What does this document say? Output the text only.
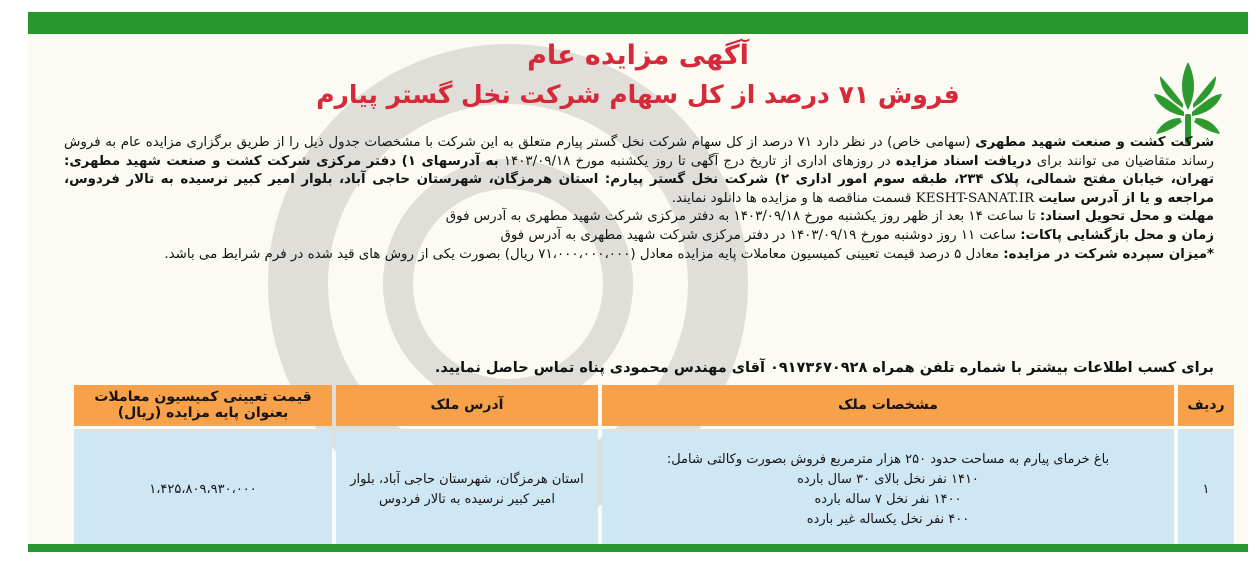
آگهی مزایده عام
فروش ۷۱ درصد از کل سهام شرکت نخل گستر پیارم

شرکت کشت و صنعت شهید مطهری (سهامی خاص) در نظر دارد ۷۱ درصد از کل سهام شرکت نخل گستر پیارم متعلق به این شرکت با مشخصات جدول ذیل را از طریق برگزاری مزایده عام به فروش رساند متقاضیان می توانند برای دریافت اسناد مزایده در روزهای اداری از تاریخ درج آگهی تا روز یکشنبه مورخ ۱۴۰۳/۰۹/۱۸ به آدرسهای ۱) دفتر مرکزی شرکت کشت و صنعت شهید مطهری: تهران، خیابان مفتح شمالی، پلاک ۲۳۴، طبقه سوم امور اداری ۲) شرکت نخل گستر پیارم: استان هرمزگان، شهرستان حاجی آباد، بلوار امیر کبیر نرسیده به تالار فردوس، مراجعه و یا از آدرس سایت KESHT-SANAT.IR قسمت مناقصه ها و مزایده ها دانلود نمایند.

مهلت و محل تحویل اسناد: تا ساعت ۱۴ بعد از ظهر روز یکشنبه مورخ ۱۴۰۳/۰۹/۱۸ به دفتر مرکزی شرکت شهید مطهری به آدرس فوق

زمان و محل بازگشایی پاکات: ساعت ۱۱ روز دوشنبه مورخ ۱۴۰۳/۰۹/۱۹ در دفتر مرکزی شرکت شهید مطهری به آدرس فوق

*میزان سپرده شرکت در مزایده: معادل ۵ درصد قیمت تعیینی کمیسیون معاملات پایه مزایده معادل (۷۱،۰۰۰،۰۰۰،۰۰۰ ریال) بصورت یکی از روش های قید شده در فرم شرایط می باشد.

برای کسب اطلاعات بیشتر با شماره تلفن همراه ۰۹۱۷۳۶۷۰۹۲۸ آقای مهندس محمودی پناه تماس حاصل نمایید.
ردیف	مشخصات ملک	آدرس ملک	قیمت تعیینی کمیسیون معاملات بعنوان پایه مزایده (ریال)
۱	باغ خرمای پیارم به مساحت حدود ۲۵۰ هزار مترمربع فروش بصورت وکالتی شامل:
۱۴۱۰ نفر نخل بالای ۳۰ سال بارده
۱۴۰۰ نفر نخل ۷ ساله بارده
۴۰۰ نفر نخل یکساله غیر بارده	استان هرمزگان، شهرستان حاجی آباد، بلوار امیر کبیر نرسیده به تالار فردوس	۱،۴۲۵،۸۰۹،۹۳۰،۰۰۰
